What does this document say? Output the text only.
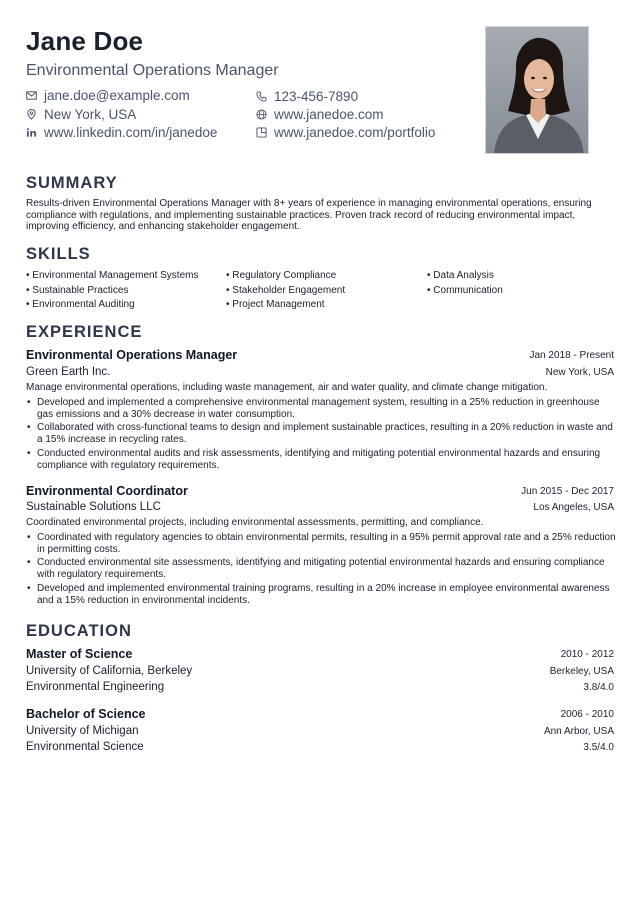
Jane Doe
Environmental Operations Manager
jane.doe@example.com	123-456-7890
New York, USA	www.janedoe.com
www.linkedin.com/in/janedoe	www.janedoe.com/portfolio
SUMMARY
Results-driven Environmental Operations Manager with 8+ years of experience in managing environmental operations, ensuring compliance with regulations, and implementing sustainable practices. Proven track record of reducing environmental impact, improving efficiency, and enhancing stakeholder engagement.
SKILLS
• Environmental Management Systems	• Regulatory Compliance	• Data Analysis
• Sustainable Practices	• Stakeholder Engagement	• Communication
• Environmental Auditing	• Project Management
EXPERIENCE
Environmental Operations Manager	Jan 2018 - Present
Green Earth Inc.	New York, USA
Manage environmental operations, including waste management, air and water quality, and climate change mitigation.
• Developed and implemented a comprehensive environmental management system, resulting in a 25% reduction in greenhouse gas emissions and a 30% decrease in water consumption.
• Collaborated with cross-functional teams to design and implement sustainable practices, resulting in a 20% reduction in waste and a 15% increase in recycling rates.
• Conducted environmental audits and risk assessments, identifying and mitigating potential environmental hazards and ensuring compliance with regulatory requirements.
Environmental Coordinator	Jun 2015 - Dec 2017
Sustainable Solutions LLC	Los Angeles, USA
Coordinated environmental projects, including environmental assessments, permitting, and compliance.
• Coordinated with regulatory agencies to obtain environmental permits, resulting in a 95% permit approval rate and a 25% reduction in permitting costs.
• Conducted environmental site assessments, identifying and mitigating potential environmental hazards and ensuring compliance with regulatory requirements.
• Developed and implemented environmental training programs, resulting in a 20% increase in employee environmental awareness and a 15% reduction in environmental incidents.
EDUCATION
Master of Science	2010 - 2012
University of California, Berkeley	Berkeley, USA
Environmental Engineering	3.8/4.0
Bachelor of Science	2006 - 2010
University of Michigan	Ann Arbor, USA
Environmental Science	3.5/4.0
